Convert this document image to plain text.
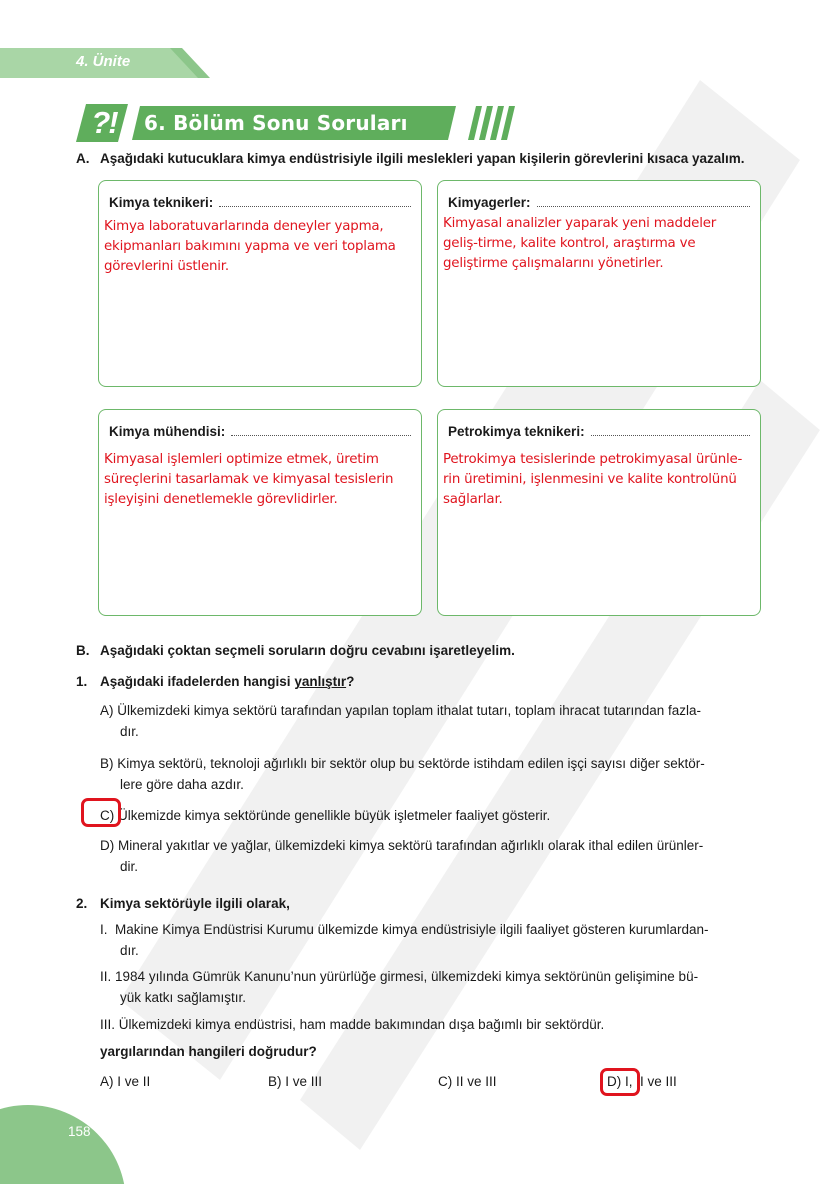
4. Ünite
?!	6. Bölüm Sonu Soruları
A. Aşağıdaki kutucuklara kimya endüstrisiyle ilgili meslekleri yapan kişilerin görevlerini kısaca yazalım.
Kimya teknikeri:
Kimya laboratuvarlarında deneyler yapma, ekipmanları bakımını yapma ve veri toplama görevlerini üstlenir.
Kimyagerler:
Kimyasal analizler yaparak yeni maddeler geliş-tirme, kalite kontrol, araştırma ve geliştirme çalışmalarını yönetirler.
Kimya mühendisi:
Kimyasal işlemleri optimize etmek, üretim süreçlerini tasarlamak ve kimyasal tesislerin işleyişini denetlemekle görevlidirler.
Petrokimya teknikeri:
Petrokimya tesislerinde petrokimyasal ürünle-rin üretimini, işlenmesini ve kalite kontrolünü sağlarlar.
B. Aşağıdaki çoktan seçmeli soruların doğru cevabını işaretleyelim.
1. Aşağıdaki ifadelerden hangisi yanlıştır?
A) Ülkemizdeki kimya sektörü tarafından yapılan toplam ithalat tutarı, toplam ihracat tutarından fazla-
dır.
B) Kimya sektörü, teknoloji ağırlıklı bir sektör olup bu sektörde istihdam edilen işçi sayısı diğer sektör-
lere göre daha azdır.
C) Ülkemizde kimya sektöründe genellikle büyük işletmeler faaliyet gösterir.
D) Mineral yakıtlar ve yağlar, ülkemizdeki kimya sektörü tarafından ağırlıklı olarak ithal edilen ürünler-
dir.
2. Kimya sektörüyle ilgili olarak,
I. Makine Kimya Endüstrisi Kurumu ülkemizde kimya endüstrisiyle ilgili faaliyet gösteren kurumlardan-
dır.
II. 1984 yılında Gümrük Kanunu’nun yürürlüğe girmesi, ülkemizdeki kimya sektörünün gelişimine bü-
yük katkı sağlamıştır.
III. Ülkemizdeki kimya endüstrisi, ham madde bakımından dışa bağımlı bir sektördür.
yargılarından hangileri doğrudur?
A) I ve II	B) I ve III	C) II ve III	D) I, II ve III
158
